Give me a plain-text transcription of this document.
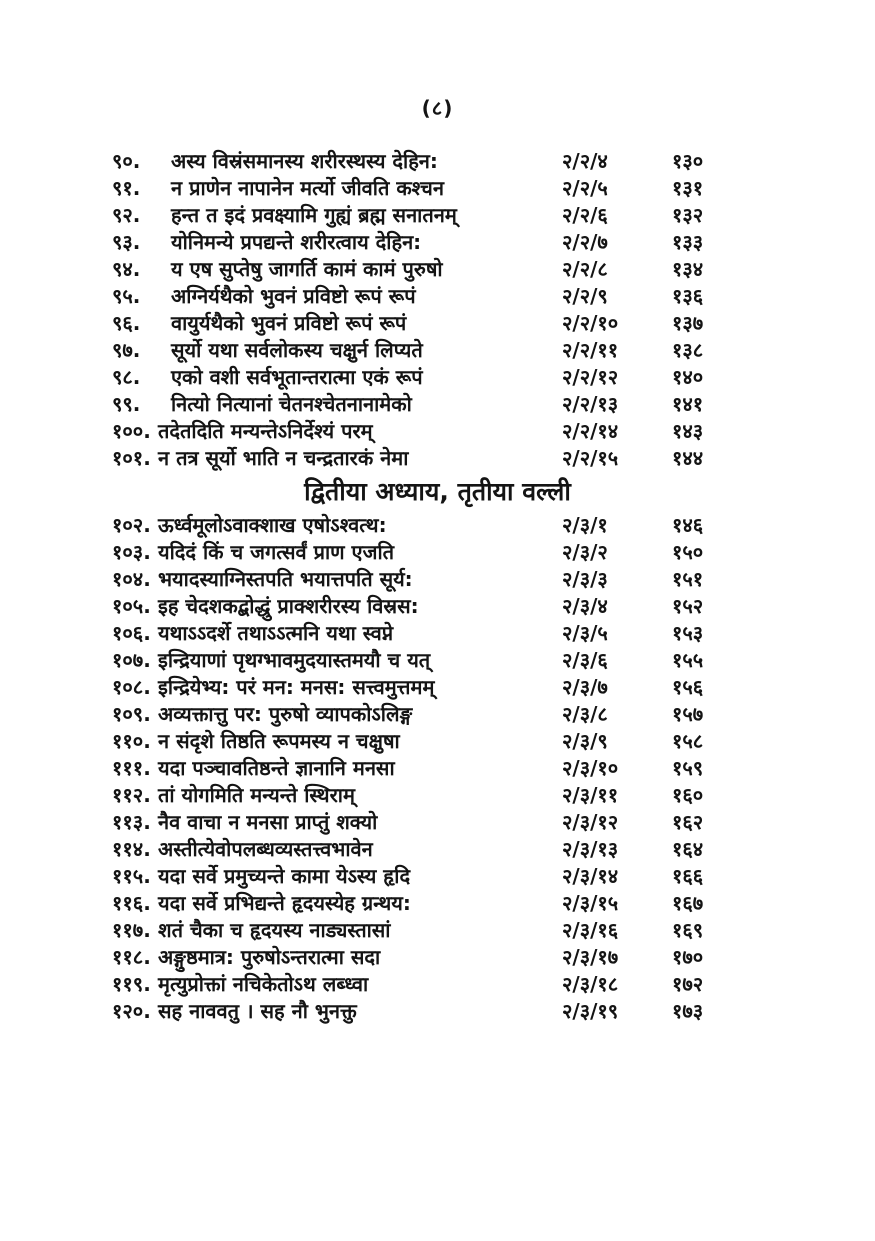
(८)
९०.	अस्य विस्रंसमानस्य शरीरस्थस्य देहिन:	२/२/४	१३०
९१.	न प्राणेन नापानेन मर्त्यो जीवति कश्चन	२/२/५	१३१
९२.	हन्त त इदं प्रवक्ष्यामि गुह्यं ब्रह्म सनातनम्	२/२/६	१३२
९३.	योनिमन्ये प्रपद्यन्ते शरीरत्वाय देहिन:	२/२/७	१३३
९४.	य एष सुप्तेषु जागर्ति कामं कामं पुरुषो	२/२/८	१३४
९५.	अग्निर्यथैको भुवनं प्रविष्टो रूपं रूपं	२/२/९	१३६
९६.	वायुर्यथैको भुवनं प्रविष्टो रूपं रूपं	२/२/१०	१३७
९७.	सूर्यो यथा सर्वलोकस्य चक्षुर्न लिप्यते	२/२/११	१३८
९८.	एको वशी सर्वभूतान्तरात्मा एकं रूपं	२/२/१२	१४०
९९.	नित्यो नित्यानां चेतनश्चेतनानामेको	२/२/१३	१४१
१००. तदेतदिति मन्यन्तेऽनिर्देश्यं परम्	२/२/१४	१४३
१०१. न तत्र सूर्यो भाति न चन्द्रतारकं नेमा	२/२/१५	१४४
द्वितीया अध्याय, तृतीया वल्ली
१०२. ऊर्ध्वमूलोऽवाक्शाख एषोऽश्वत्थ:	२/३/१	१४६
१०३. यदिदं किं च जगत्सर्वं प्राण एजति	२/३/२	१५०
१०४. भयादस्याग्निस्तपति भयात्तपति सूर्य:	२/३/३	१५१
१०५. इह चेदशकद्बोद्धुं प्राक्शरीरस्य विस्रस:	२/३/४	१५२
१०६. यथाऽऽदर्शे तथाऽऽत्मनि यथा स्वप्ने	२/३/५	१५३
१०७. इन्द्रियाणां पृथग्भावमुदयास्तमयौ च यत्	२/३/६	१५५
१०८. इन्द्रियेभ्य: परं मन: मनस: सत्त्वमुत्तमम्	२/३/७	१५६
१०९. अव्यक्तात्तु पर: पुरुषो व्यापकोऽलिङ्ग	२/३/८	१५७
११०. न संदृशे तिष्ठति रूपमस्य न चक्षुषा	२/३/९	१५८
१११. यदा पञ्चावतिष्ठन्ते ज्ञानानि मनसा	२/३/१०	१५९
११२. तां योगमिति मन्यन्ते स्थिराम्	२/३/११	१६०
११३. नैव वाचा न मनसा प्राप्तुं शक्यो	२/३/१२	१६२
११४. अस्तीत्येवोपलब्धव्यस्तत्त्वभावेन	२/३/१३	१६४
११५. यदा सर्वे प्रमुच्यन्ते कामा येऽस्य हृदि	२/३/१४	१६६
११६. यदा सर्वे प्रभिद्यन्ते हृदयस्येह ग्रन्थय:	२/३/१५	१६७
११७. शतं चैका च हृदयस्य नाड्यस्तासां	२/३/१६	१६९
११८. अङ्गुष्ठमात्र: पुरुषोऽन्तरात्मा सदा	२/३/१७	१७०
११९. मृत्युप्रोक्तां नचिकेतोऽथ लब्ध्वा	२/३/१८	१७२
१२०. सह नाववतु । सह नौ भुनक्तु	२/३/१९	१७३
